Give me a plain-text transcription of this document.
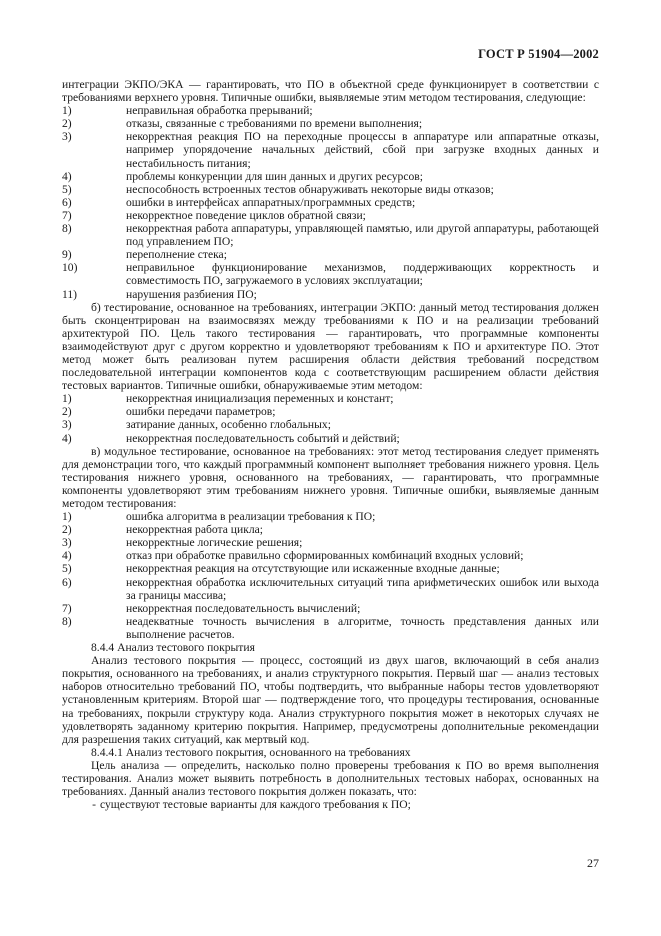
ГОСТ Р 51904—2002
интеграции ЭКПО/ЭКА — гарантировать, что ПО в объектной среде функционирует в соответствии с требованиями верхнего уровня. Типичные ошибки, выявляемые этим методом тестирования, следующие:
1)	неправильная обработка прерываний;
2)	отказы, связанные с требованиями по времени выполнения;
3)	некорректная реакция ПО на переходные процессы в аппаратуре или аппаратные отказы, например упорядочение начальных действий, сбой при загрузке входных данных и нестабильность питания;
4)	проблемы конкуренции для шин данных и других ресурсов;
5)	неспособность встроенных тестов обнаруживать некоторые виды отказов;
6)	ошибки в интерфейсах аппаратных/программных средств;
7)	некорректное поведение циклов обратной связи;
8)	некорректная работа аппаратуры, управляющей памятью, или другой аппаратуры, работающей под управлением ПО;
9)	переполнение стека;
10)	неправильное функционирование механизмов, поддерживающих корректность и совместимость ПО, загружаемого в условиях эксплуатации;
11)	нарушения разбиения ПО;
б) тестирование, основанное на требованиях, интеграции ЭКПО: данный метод тестирования должен быть сконцентрирован на взаимосвязях между требованиями к ПО и на реализации требований архитектурой ПО. Цель такого тестирования — гарантировать, что программные компоненты взаимодействуют друг с другом корректно и удовлетворяют требованиям к ПО и архитектуре ПО. Этот метод может быть реализован путем расширения области действия требований посредством последовательной интеграции компонентов кода с соответствующим расширением области действия тестовых вариантов. Типичные ошибки, обнаруживаемые этим методом:
1)	некорректная инициализация переменных и констант;
2)	ошибки передачи параметров;
3)	затирание данных, особенно глобальных;
4)	некорректная последовательность событий и действий;
в) модульное тестирование, основанное на требованиях: этот метод тестирования следует применять для демонстрации того, что каждый программный компонент выполняет требования нижнего уровня. Цель тестирования нижнего уровня, основанного на требованиях, — гарантировать, что программные компоненты удовлетворяют этим требованиям нижнего уровня. Типичные ошибки, выявляемые данным методом тестирования:
1)	ошибка алгоритма в реализации требования к ПО;
2)	некорректная работа цикла;
3)	некорректные логические решения;
4)	отказ при обработке правильно сформированных комбинаций входных условий;
5)	некорректная реакция на отсутствующие или искаженные входные данные;
6)	некорректная обработка исключительных ситуаций типа арифметических ошибок или выхода за границы массива;
7)	некорректная последовательность вычислений;
8)	неадекватные точность вычисления в алгоритме, точность представления данных или выполнение расчетов.
8.4.4 Анализ тестового покрытия
Анализ тестового покрытия — процесс, состоящий из двух шагов, включающий в себя анализ покрытия, основанного на требованиях, и анализ структурного покрытия. Первый шаг — анализ тестовых наборов относительно требований ПО, чтобы подтвердить, что выбранные наборы тестов удовлетворяют установленным критериям. Второй шаг — подтверждение того, что процедуры тестирования, основанные на требованиях, покрыли структуру кода. Анализ структурного покрытия может в некоторых случаях не удовлетворять заданному критерию покрытия. Например, предусмотрены дополнительные рекомендации для разрешения таких ситуаций, как мертвый код.
8.4.4.1 Анализ тестового покрытия, основанного на требованиях
Цель анализа — определить, насколько полно проверены требования к ПО во время выполнения тестирования. Анализ может выявить потребность в дополнительных тестовых наборах, основанных на требованиях. Данный анализ тестового покрытия должен показать, что:
- существуют тестовые варианты для каждого требования к ПО;
27
